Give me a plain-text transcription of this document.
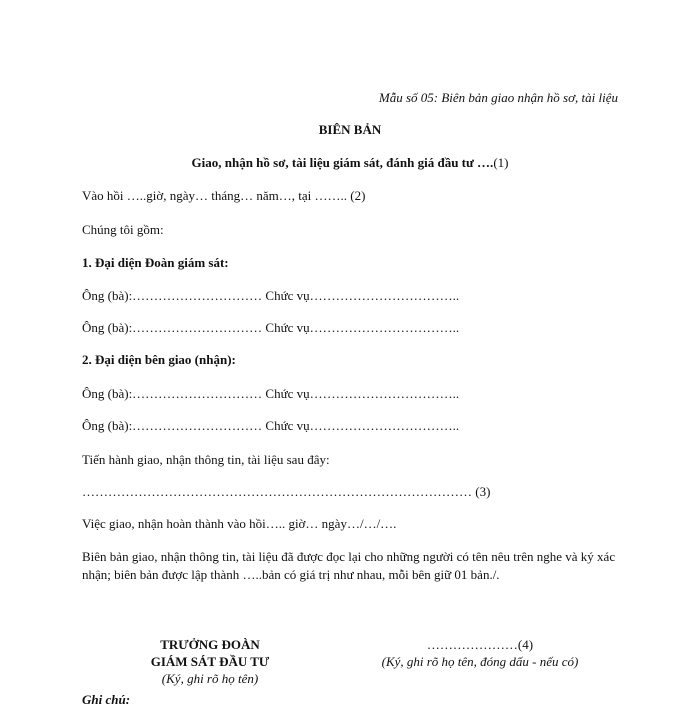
Mẫu số 05: Biên bản giao nhận hồ sơ, tài liệu
BIÊN BẢN
Giao, nhận hồ sơ, tài liệu giám sát, đánh giá đầu tư ….(1)
Vào hồi …..giờ, ngày… tháng… năm…, tại …….. (2)
Chúng tôi gồm:
1. Đại diện Đoàn giám sát:
Ông (bà):………………………… Chức vụ……………………………..
Ông (bà):………………………… Chức vụ……………………………..
2. Đại diện bên giao (nhận):
Ông (bà):………………………… Chức vụ……………………………..
Ông (bà):………………………… Chức vụ……………………………..
Tiến hành giao, nhận thông tin, tài liệu sau đây:
……………………………………………………………………………… (3)
Việc giao, nhận hoàn thành vào hồi….. giờ… ngày…/…/….
Biên bản giao, nhận thông tin, tài liệu đã được đọc lại cho những người có tên nêu trên nghe và ký xác nhận; biên bản được lập thành …..bản có giá trị như nhau, mỗi bên giữ 01 bản./.
TRƯỞNG ĐOÀN
GIÁM SÁT ĐẦU TƯ
(Ký, ghi rõ họ tên)
…………………(4)
(Ký, ghi rõ họ tên, đóng dấu - nếu có)
Ghi chú:
